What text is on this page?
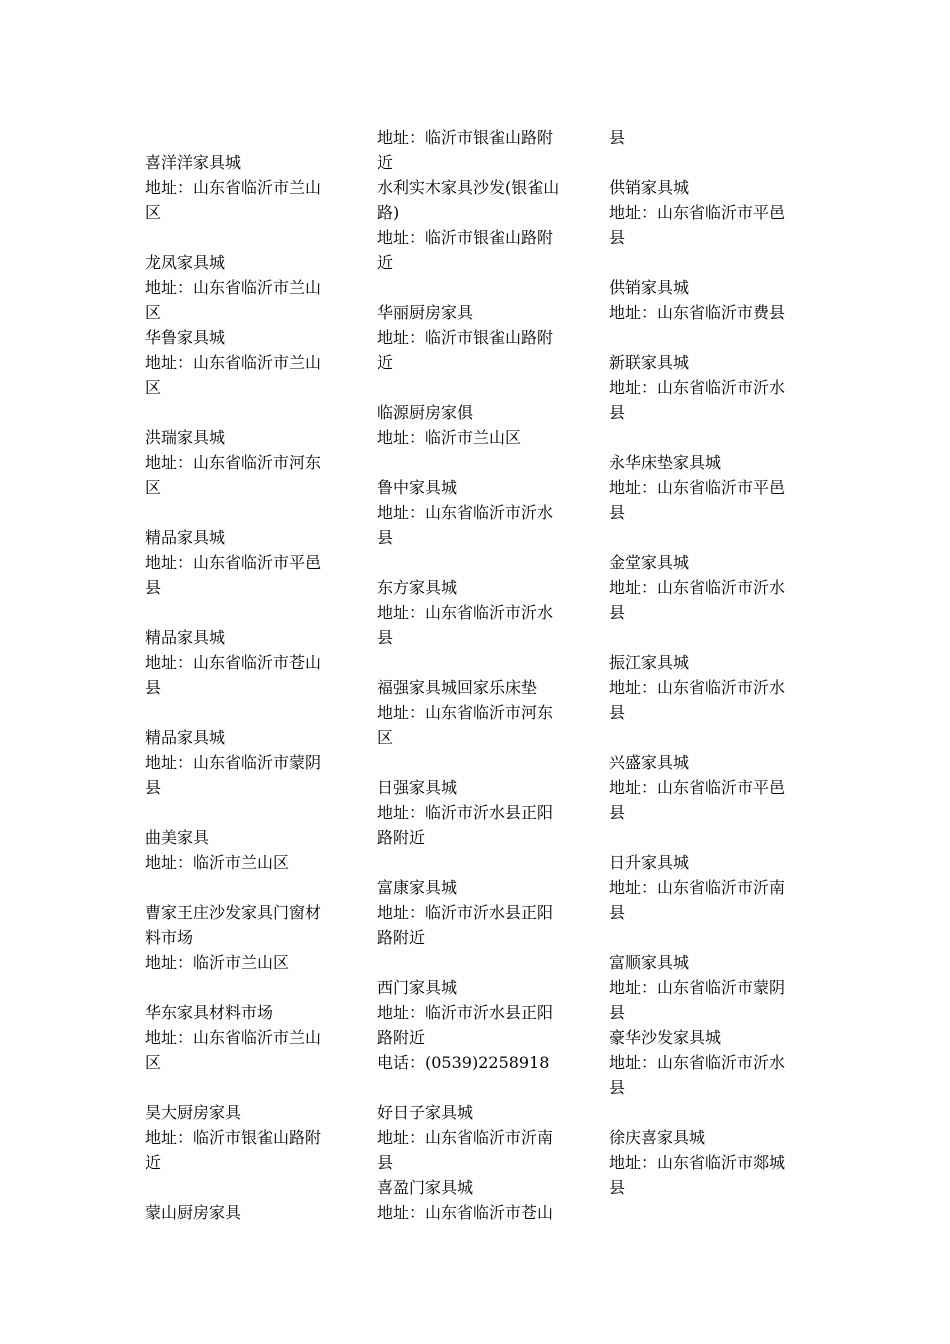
喜洋洋家具城
地址：山东省临沂市兰山
区
龙凤家具城
地址：山东省临沂市兰山
区
华鲁家具城
地址：山东省临沂市兰山
区
洪瑞家具城
地址：山东省临沂市河东
区
精品家具城
地址：山东省临沂市平邑
县
精品家具城
地址：山东省临沂市苍山
县
精品家具城
地址：山东省临沂市蒙阴
县
曲美家具
地址：临沂市兰山区
曹家王庄沙发家具门窗材
料市场
地址：临沂市兰山区
华东家具材料市场
地址：山东省临沂市兰山
区
昊大厨房家具
地址：临沂市银雀山路附
近
蒙山厨房家具
地址：临沂市银雀山路附
近
水利实木家具沙发(银雀山
路)
地址：临沂市银雀山路附
近
华丽厨房家具
地址：临沂市银雀山路附
近
临源厨房家俱
地址：临沂市兰山区
鲁中家具城
地址：山东省临沂市沂水
县
东方家具城
地址：山东省临沂市沂水
县
福强家具城回家乐床垫
地址：山东省临沂市河东
区
日强家具城
地址：临沂市沂水县正阳
路附近
富康家具城
地址：临沂市沂水县正阳
路附近
西门家具城
地址：临沂市沂水县正阳
路附近
电话：(0539)2258918
好日子家具城
地址：山东省临沂市沂南
县
喜盈门家具城
地址：山东省临沂市苍山
县
供销家具城
地址：山东省临沂市平邑
县
供销家具城
地址：山东省临沂市费县
新联家具城
地址：山东省临沂市沂水
县
永华床垫家具城
地址：山东省临沂市平邑
县
金堂家具城
地址：山东省临沂市沂水
县
振江家具城
地址：山东省临沂市沂水
县
兴盛家具城
地址：山东省临沂市平邑
县
日升家具城
地址：山东省临沂市沂南
县
富顺家具城
地址：山东省临沂市蒙阴
县
豪华沙发家具城
地址：山东省临沂市沂水
县
徐庆喜家具城
地址：山东省临沂市郯城
县
